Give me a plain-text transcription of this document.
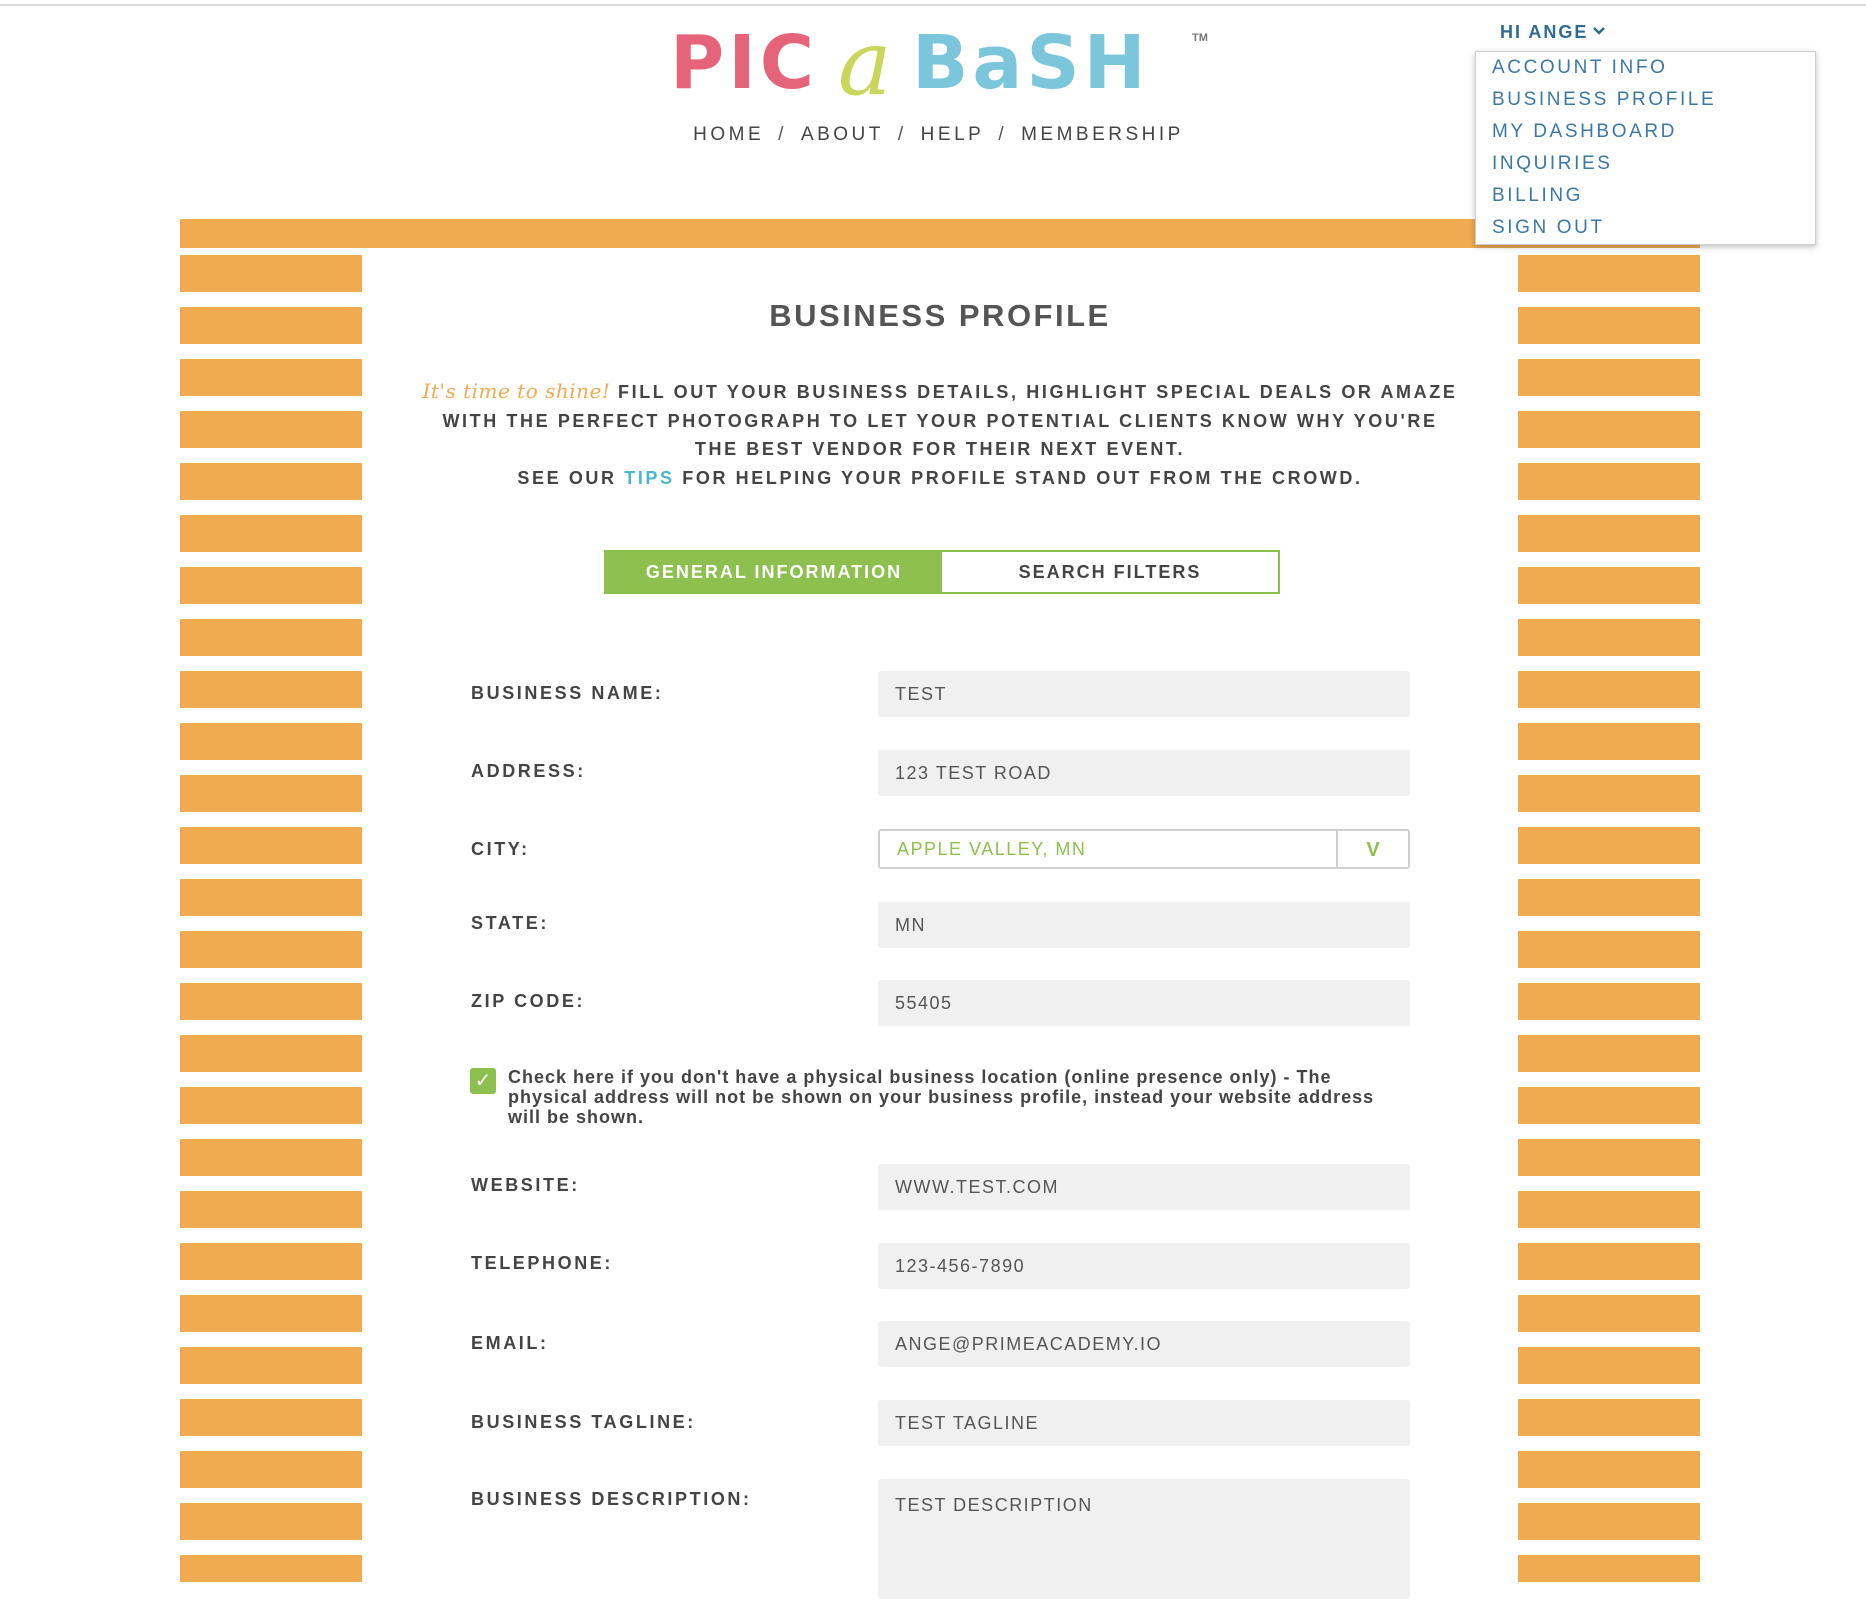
PIC a BaSH	TM
HOME / ABOUT / HELP / MEMBERSHIP
HI ANGE
ACCOUNT INFO
BUSINESS PROFILE
MY DASHBOARD
INQUIRIES
BILLING
SIGN OUT
BUSINESS PROFILE
It's time to shine! FILL OUT YOUR BUSINESS DETAILS, HIGHLIGHT SPECIAL DEALS OR AMAZE WITH THE PERFECT PHOTOGRAPH TO LET YOUR POTENTIAL CLIENTS KNOW WHY YOU'RE THE BEST VENDOR FOR THEIR NEXT EVENT.
SEE OUR TIPS FOR HELPING YOUR PROFILE STAND OUT FROM THE CROWD.
GENERAL INFORMATION	SEARCH FILTERS
BUSINESS NAME:
TEST
ADDRESS:
123 TEST ROAD
CITY:	APPLE VALLEY, MN	V
STATE:
MN
ZIP CODE:
55405
✓ Check here if you don't have a physical business location (online presence only) - The physical address will not be shown on your business profile, instead your website address will be shown.
WEBSITE:
WWW.TEST.COM
TELEPHONE:
123-456-7890
EMAIL:
ANGE@PRIMEACADEMY.IO
BUSINESS TAGLINE:
TEST TAGLINE
BUSINESS DESCRIPTION:
TEST DESCRIPTION
